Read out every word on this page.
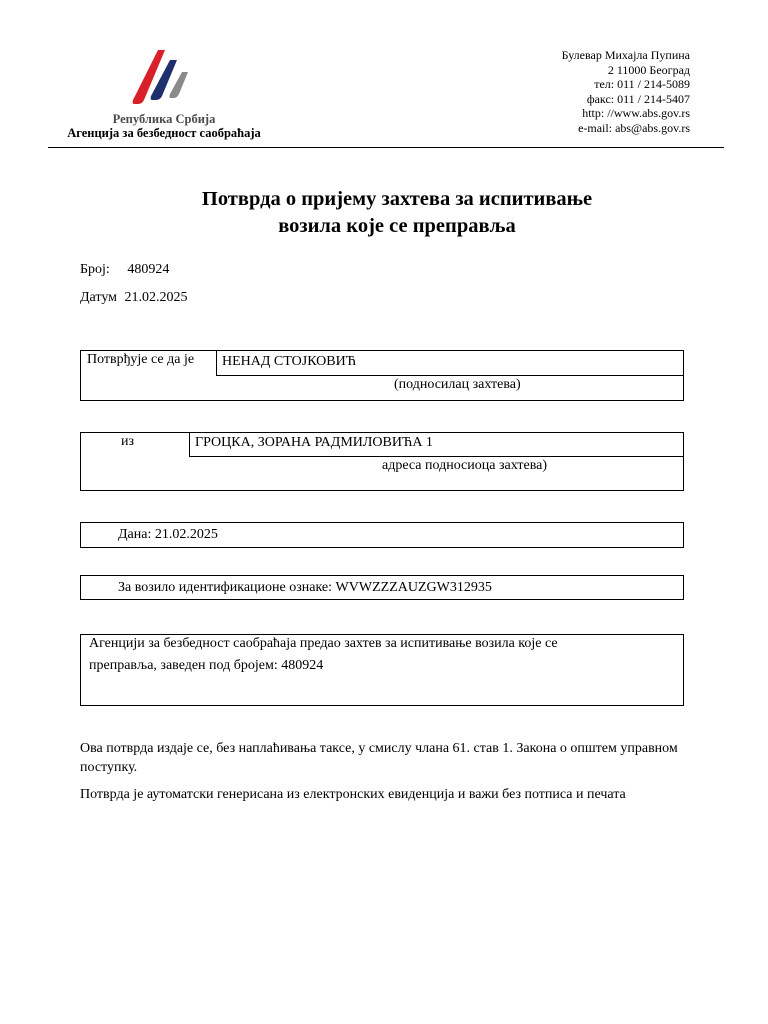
Република Србија
Агенција за безбедност саобраћаја
Булевар Михајла Пупина
2 11000 Београд
тел: 011 / 214-5089
факс: 011 / 214-5407
http: //www.abs.gov.rs
e-mail: abs@abs.gov.rs
Потврда о пријему захтева за испитивање
возила које се преправља
Број: 480924
Датум 21.02.2025
Потврђује се да је НЕНАД СТОЈКОВИЋ
(подносилац захтева)
из	ГРОЦКА, ЗОРАНА РАДМИЛОВИЋА 1
адреса подносиоца захтева)
Дана: 21.02.2025
За возило идентификационе ознаке: WVWZZZAUZGW312935
Агенцији за безбедност саобраћаја предао захтев за испитивање возила које се
преправља, заведен под бројем: 480924
Ова потврда издаје се, без наплаћивања таксе, у смислу члана 61. став 1. Закона о општем управном поступку.
Потврда је аутоматски генерисана из електронских евиденција и важи без потписа и печата
